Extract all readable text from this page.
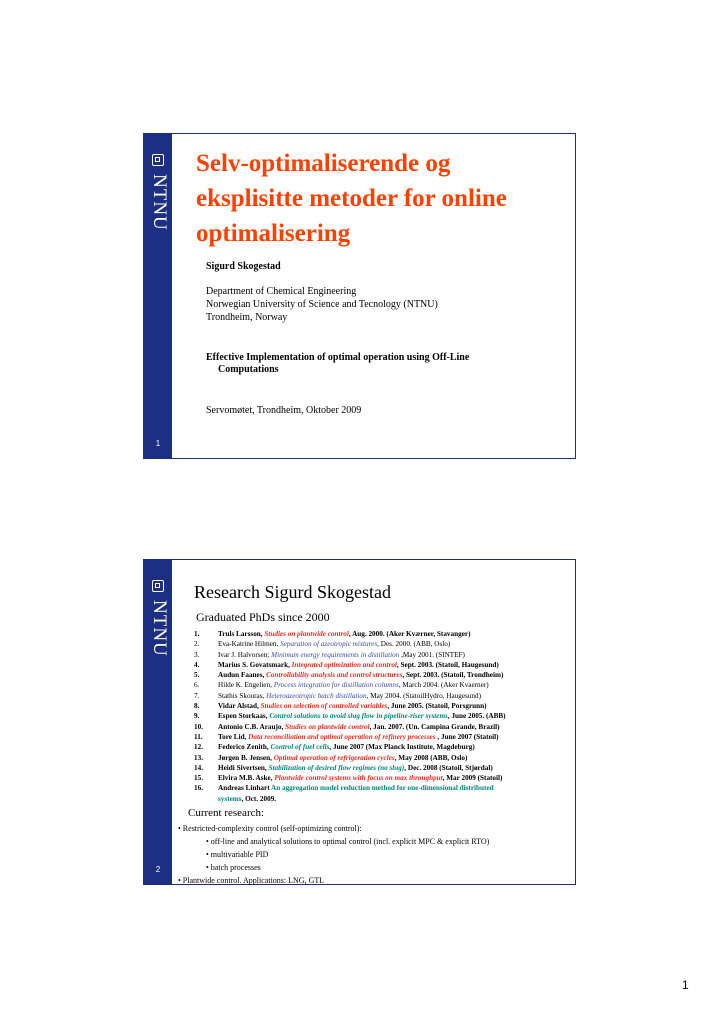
NTNU
1
Selv-optimaliserende og
eksplisitte metoder for online
optimalisering
Sigurd Skogestad
Department of Chemical Engineering
Norwegian University of Science and Tecnology (NTNU)
Trondheim, Norway
Effective Implementation of optimal operation using Off-Line
Computations
Servomøtet, Trondheim, Oktober 2009
NTNU
2
Research Sigurd Skogestad
Graduated PhDs since 2000
1.	Truls Larsson, Studies on plantwide control, Aug. 2000. (Aker Kværner, Stavanger)
2.	Eva-Katrine Hilmen, Separation of azeotropic mixtures, Des. 2000. (ABB, Oslo)
3.	Ivar J. Halvorsen; Minimum energy requirements in distillation ,May 2001. (SINTEF)
4.	Marius S. Govatsmark, Integrated optimization and control, Sept. 2003. (Statoil, Haugesund)
5.	Audun Faanes, Controllability analysis and control structures, Sept. 2003. (Statoil, Trondheim)
6.	Hilde K. Engelien, Process integration for distillation columns, March 2004. (Aker Kvaerner)
7.	Stathis Skouras, Heteroazeotropic batch distillation, May 2004. (StatoilHydro, Haugesund)
8.	Vidar Alstad, Studies on selection of controlled variables, June 2005. (Statoil, Porsgrunn)
9.	Espen Storkaas, Control solutions to avoid slug flow in pipeline-riser systems, June 2005. (ABB)
10.	Antonio C.B. Araujo, Studies on plantwide control, Jan. 2007. (Un. Campina Grande, Brazil)
11.	Tore Lid, Data reconciliation and optimal operation of refinery processes , June 2007 (Statoil)
12.	Federico Zenith, Control of fuel cells, June 2007 (Max Planck Institute, Magdeburg)
13.	Jørgen B. Jensen, Optimal operation of refrigeration cycles, May 2008 (ABB, Oslo)
14.	Heidi Sivertsen, Stabilization of desired flow regimes (no slug), Dec. 2008 (Statoil, Stjørdal)
15.	Elvira M.B. Aske, Plantwide control systems with focus on max throughput, Mar 2009 (Statoil)
16.	Andreas Linhart An aggregation model reduction method for one-dimensional distributed
systems, Oct. 2009.
Current research:
• Restricted-complexity control (self-optimizing control):
• off-line and analytical solutions to optimal control (incl. explicit MPC & explicit RTO)
• multivariable PID
• batch processes
• Plantwide control. Applications: LNG, GTL
1
